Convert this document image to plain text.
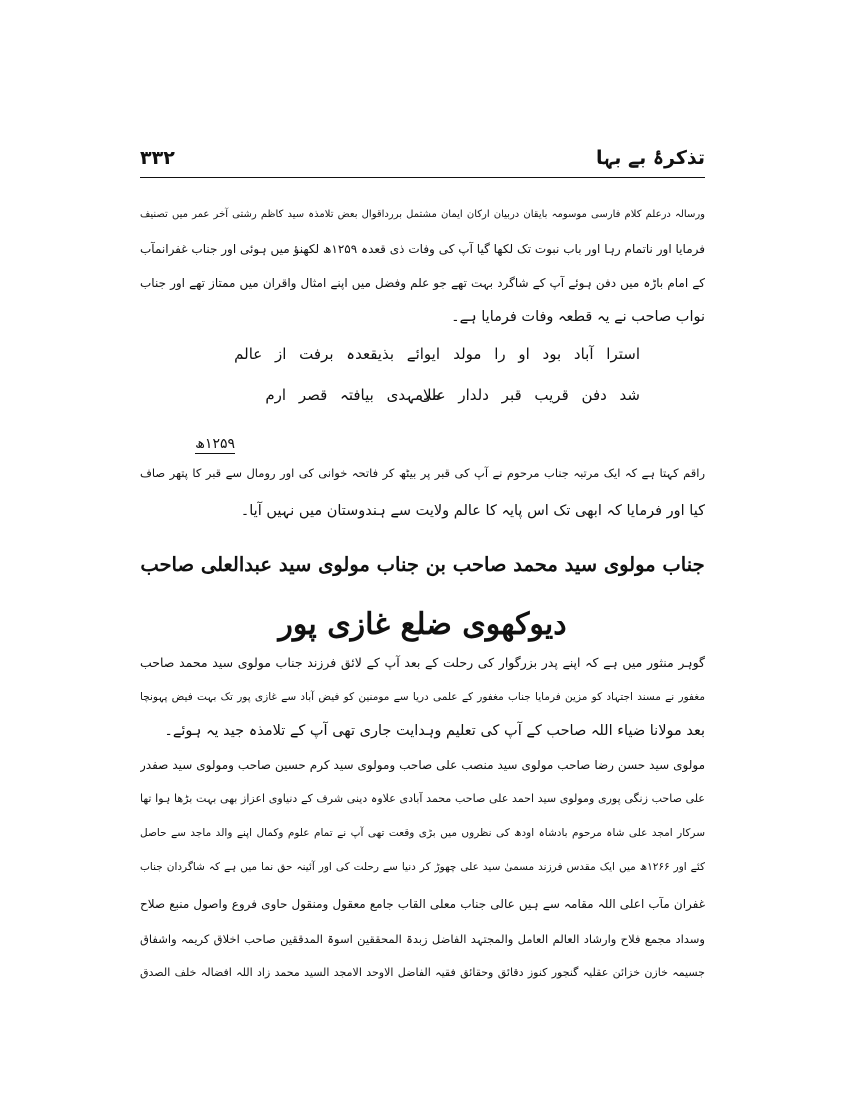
تذکرۂ بے بہا
۳۳۲
ورسالہ درعلم کلام فارسی موسومہ بایقان دربیان ارکان ایمان مشتمل بررداقوال بعض تلامذہ سید کاظم رشتی آخر عمر میں تصنیف
فرمایا اور ناتمام رہا اور باب نبوت تک لکھا گیا آپ کی وفات ذی قعدہ ۱۲۵۹ھ لکھنؤ میں ہوئی اور جناب غفرانمآب
کے امام باڑہ میں دفن ہوئے آپ کے شاگرد بہت تھے جو علم وفضل میں اپنے امثال واقران میں ممتاز تھے اور جناب
نواب صاحب نے یہ قطعہ وفات فرمایا ہے۔
استرا آباد بود او را مولد
ایوائے بذیقعدہ برفت از عالم
شد دفن قریب قبر دلدار علی
ملامہدی بیافتہ قصر ارم
۱۲۵۹ھ
راقم کہتا ہے کہ ایک مرتبہ جناب مرحوم نے آپ کی قبر پر بیٹھ کر فاتحہ خوانی کی اور رومال سے قبر کا پتھر صاف
کیا اور فرمایا کہ ابھی تک اس پایہ کا عالم ولایت سے ہندوستان میں نہیں آیا۔
جناب مولوی سید محمد صاحب بن جناب مولوی سید عبدالعلی صاحب
دیوکھوی ضلع غازی پور
گوہر منثور میں ہے کہ اپنے پدر بزرگوار کی رحلت کے بعد آپ کے لائق فرزند جناب مولوی سید محمد صاحب
مغفور نے مسند اجتہاد کو مزین فرمایا جناب مغفور کے علمی دریا سے مومنین کو فیض آباد سے غازی پور تک بہت فیض پہونچا
بعد مولانا ضیاء اللہ صاحب کے آپ کی تعلیم وہدایت جاری تھی آپ کے تلامذہ جید یہ ہوئے۔
مولوی سید حسن رضا صاحب مولوی سید منصب علی صاحب ومولوی سید کرم حسین صاحب ومولوی سید صفدر
علی صاحب زنگی پوری ومولوی سید احمد علی صاحب محمد آبادی علاوہ دینی شرف کے دنیاوی اعزاز بھی بہت بڑھا ہوا تھا
سرکار امجد علی شاہ مرحوم بادشاہ اودھ کی نظروں میں بڑی وقعت تھی آپ نے تمام علوم وکمال اپنے والد ماجد سے حاصل
کئے اور ۱۲۶۶ھ میں ایک مقدس فرزند مسمیٰ سید علی چھوڑ کر دنیا سے رحلت کی اور آئینہ حق نما میں ہے کہ شاگردان جناب
غفران مآب اعلی اللہ مقامہ سے ہیں عالی جناب معلی القاب جامع معقول ومنقول حاوی فروع واصول منبع صلاح
وسداد مجمع فلاح وارشاد العالم العامل والمجتہد الفاضل زبدۃ المحققین اسوۃ المدققین صاحب اخلاق کریمہ واشفاق
جسیمہ خازن خزائن عقلیہ گنجور کنوز دقائق وحقائق فقیہ الفاضل الاوحد الامجد السید محمد زاد اللہ افضالہ خلف الصدق
